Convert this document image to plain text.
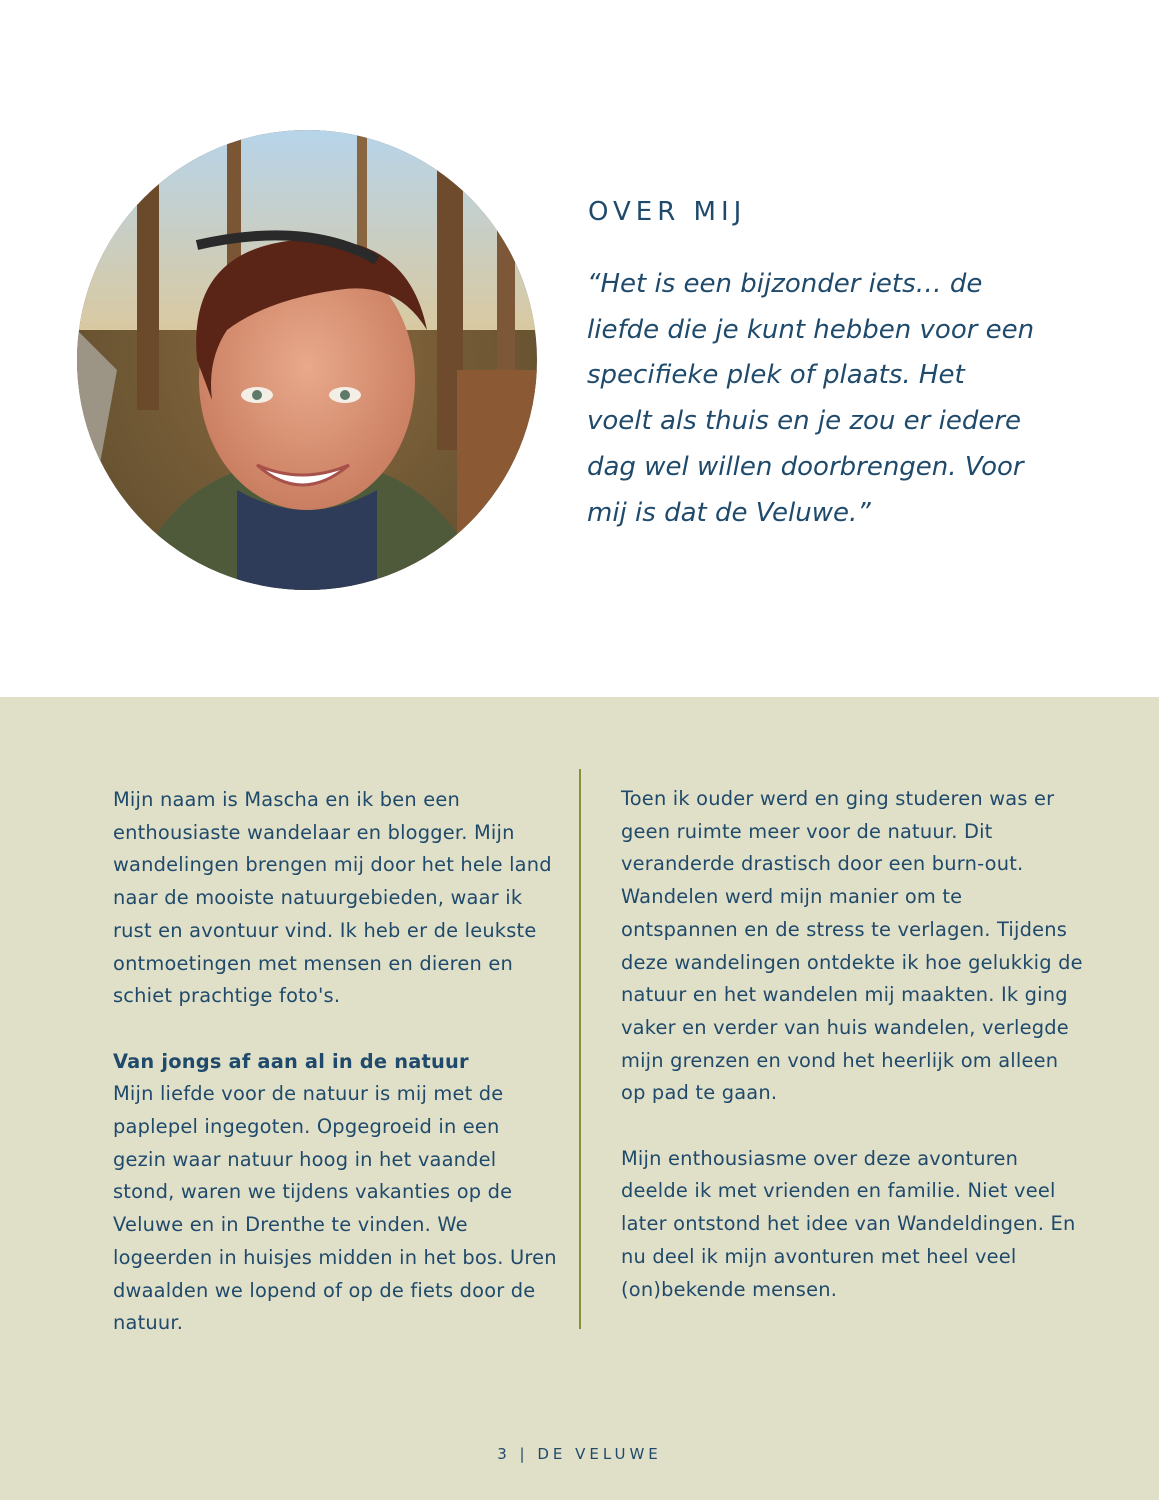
OVER MIJ

“Het is een bijzonder iets… de liefde die je kunt hebben voor een specifieke plek of plaats. Het voelt als thuis en je zou er iedere dag wel willen doorbrengen. Voor mij is dat de Veluwe.”

Mijn naam is Mascha en ik ben een enthousiaste wandelaar en blogger. Mijn wandelingen brengen mij door het hele land naar de mooiste natuurgebieden, waar ik rust en avontuur vind. Ik heb er de leukste ontmoetingen met mensen en dieren en schiet prachtige foto's.

Van jongs af aan al in de natuur
Mijn liefde voor de natuur is mij met de paplepel ingegoten. Opgegroeid in een gezin waar natuur hoog in het vaandel stond, waren we tijdens vakanties op de Veluwe en in Drenthe te vinden. We logeerden in huisjes midden in het bos. Uren dwaalden we lopend of op de fiets door de natuur.

Toen ik ouder werd en ging studeren was er geen ruimte meer voor de natuur. Dit veranderde drastisch door een burn-out. Wandelen werd mijn manier om te ontspannen en de stress te verlagen. Tijdens deze wandelingen ontdekte ik hoe gelukkig de natuur en het wandelen mij maakten. Ik ging vaker en verder van huis wandelen, verlegde mijn grenzen en vond het heerlijk om alleen op pad te gaan.

Mijn enthousiasme over deze avonturen deelde ik met vrienden en familie. Niet veel later ontstond het idee van Wandeldingen. En nu deel ik mijn avonturen met heel veel (on)bekende mensen.

3 | DE VELUWE
